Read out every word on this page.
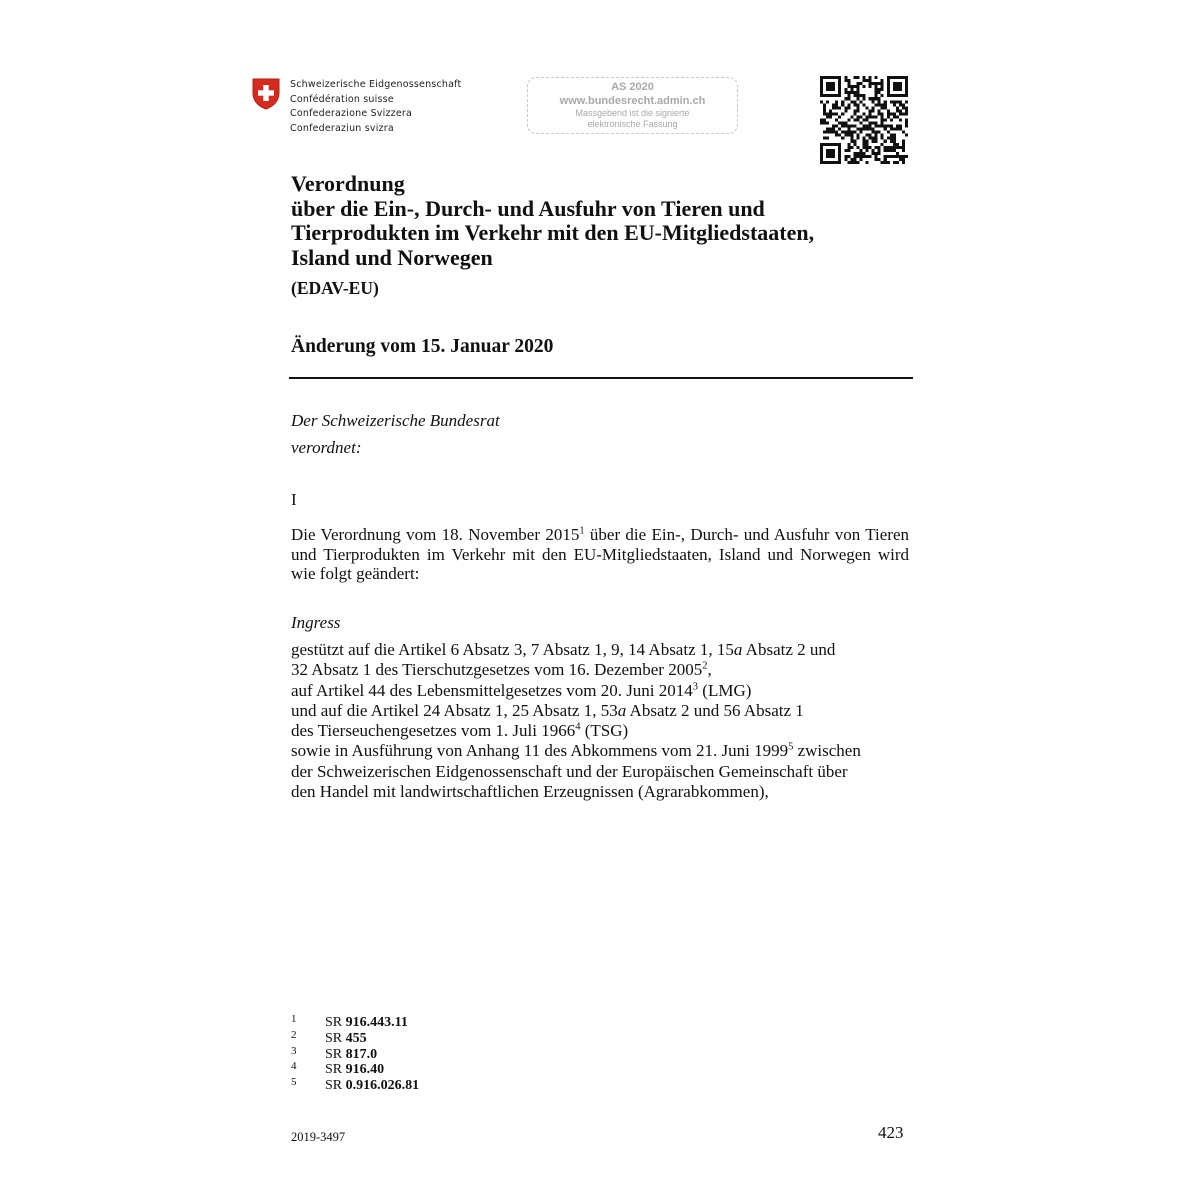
Schweizerische Eidgenossenschaft
Confédération suisse
Confederazione Svizzera
Confederaziun svizra
AS 2020
www.bundesrecht.admin.ch
Massgebend ist die signierte
elektronische Fassung
Verordnung
über die Ein-, Durch- und Ausfuhr von Tieren und
Tierprodukten im Verkehr mit den EU-Mitgliedstaaten,
Island und Norwegen
(EDAV-EU)
Änderung vom 15. Januar 2020
Der Schweizerische Bundesrat
verordnet:
I
Die Verordnung vom 18. November 2015$^1$ über die Ein-, Durch- und Ausfuhr von Tieren und Tierprodukten im Verkehr mit den EU-Mitgliedstaaten, Island und Norwegen wird wie folgt geändert:
Ingress
gestützt auf die Artikel 6 Absatz 3, 7 Absatz 1, 9, 14 Absatz 1, 15a Absatz 2 und
32 Absatz 1 des Tierschutzgesetzes vom 16. Dezember 2005$^2$,
auf Artikel 44 des Lebensmittelgesetzes vom 20. Juni 2014$^3$ (LMG)
und auf die Artikel 24 Absatz 1, 25 Absatz 1, 53a Absatz 2 und 56 Absatz 1
des Tierseuchengesetzes vom 1. Juli 1966$^4$ (TSG)
sowie in Ausführung von Anhang 11 des Abkommens vom 21. Juni 1999$^5$ zwischen
der Schweizerischen Eidgenossenschaft und der Europäischen Gemeinschaft über
den Handel mit landwirtschaftlichen Erzeugnissen (Agrarabkommen),
1	SR 916.443.11
2	SR 455
3	SR 817.0
4	SR 916.40
5	SR 0.916.026.81
2019-3497	423
